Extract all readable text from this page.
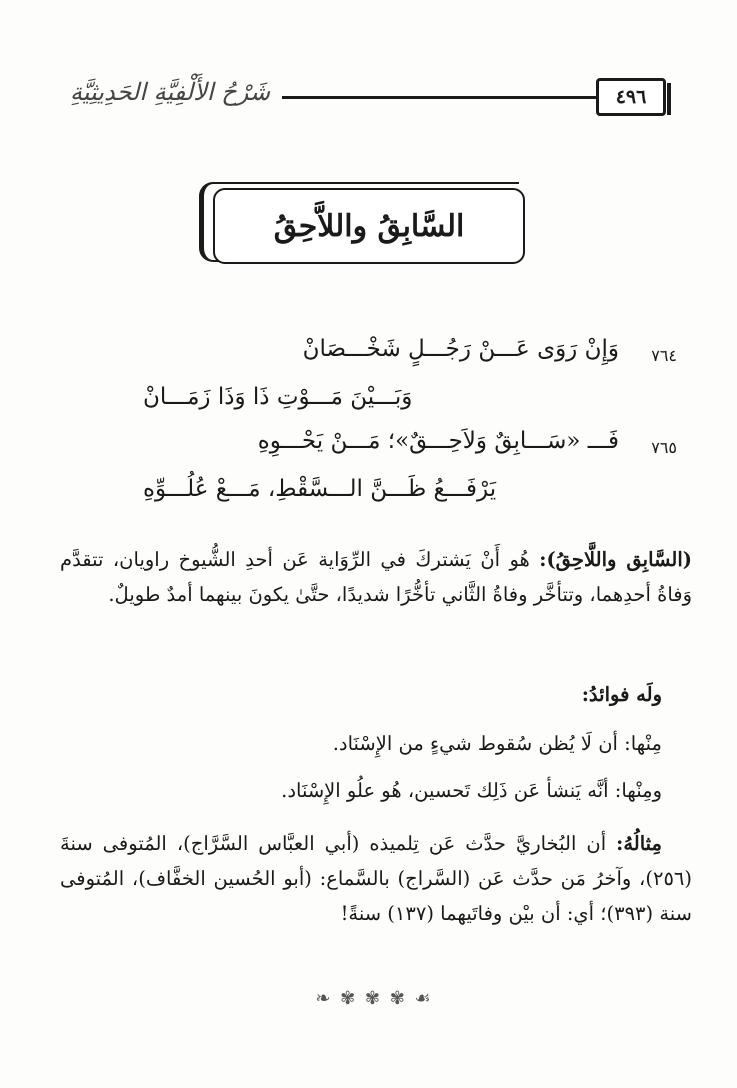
شَرْحُ الأَلْفِيَّةِ الحَدِيثِيَّةِ	٤٩٦
السَّابِقُ واللاَّحِقُ
٧٦٤
وَإِنْ رَوَى عَـــنْ رَجُـــلٍ شَخْـــصَانْ
وَبَـــيْنَ مَـــوْتِ ذَا وَذَا زَمَـــانْ
٧٦٥
فَـــ «سَـــابِقٌ وَلاَحِـــقٌ»؛ مَـــنْ يَحْـــوِهِ
يَرْفَـــعُ ظَـــنَّ الـــسَّقْطِ، مَـــعْ عُلُـــوِّهِ
(السَّابِق واللَّاحِقُ): هُو أَنْ يَشتركَ في الرِّوَاية عَن أحدِ الشُّيوخ راويان، تتقدَّم وَفاةُ أحدِهما، وتتأخَّر وفاةُ الثَّاني تأخُّرًا شديدًا، حتَّىٰ يكونَ بينهما أمدٌ طويلٌ.
ولَه فوائدُ:
مِنْها: أن لَا يُظن سُقوط شيءٍ من الإِسْنَاد.
ومِنْها: أنَّه يَنشأ عَن ذَلِك تَحسين، هُو علُو الإِسْنَاد.
مِثالُهُ: أن البُخاريَّ حدَّث عَن تِلميذه (أبي العبَّاس السَّرَّاج)، المُتوفى سنةَ (٢٥٦)، وآخرُ مَن حدَّث عَن (السَّراج) بالسَّماع: (أبو الحُسين الخفَّاف)، المُتوفى سنة (٣٩٣)؛ أي: أن بيْن وفاتَيهما (١٣٧) سنةً!
❧ ✾ ✾ ✾ ☙
